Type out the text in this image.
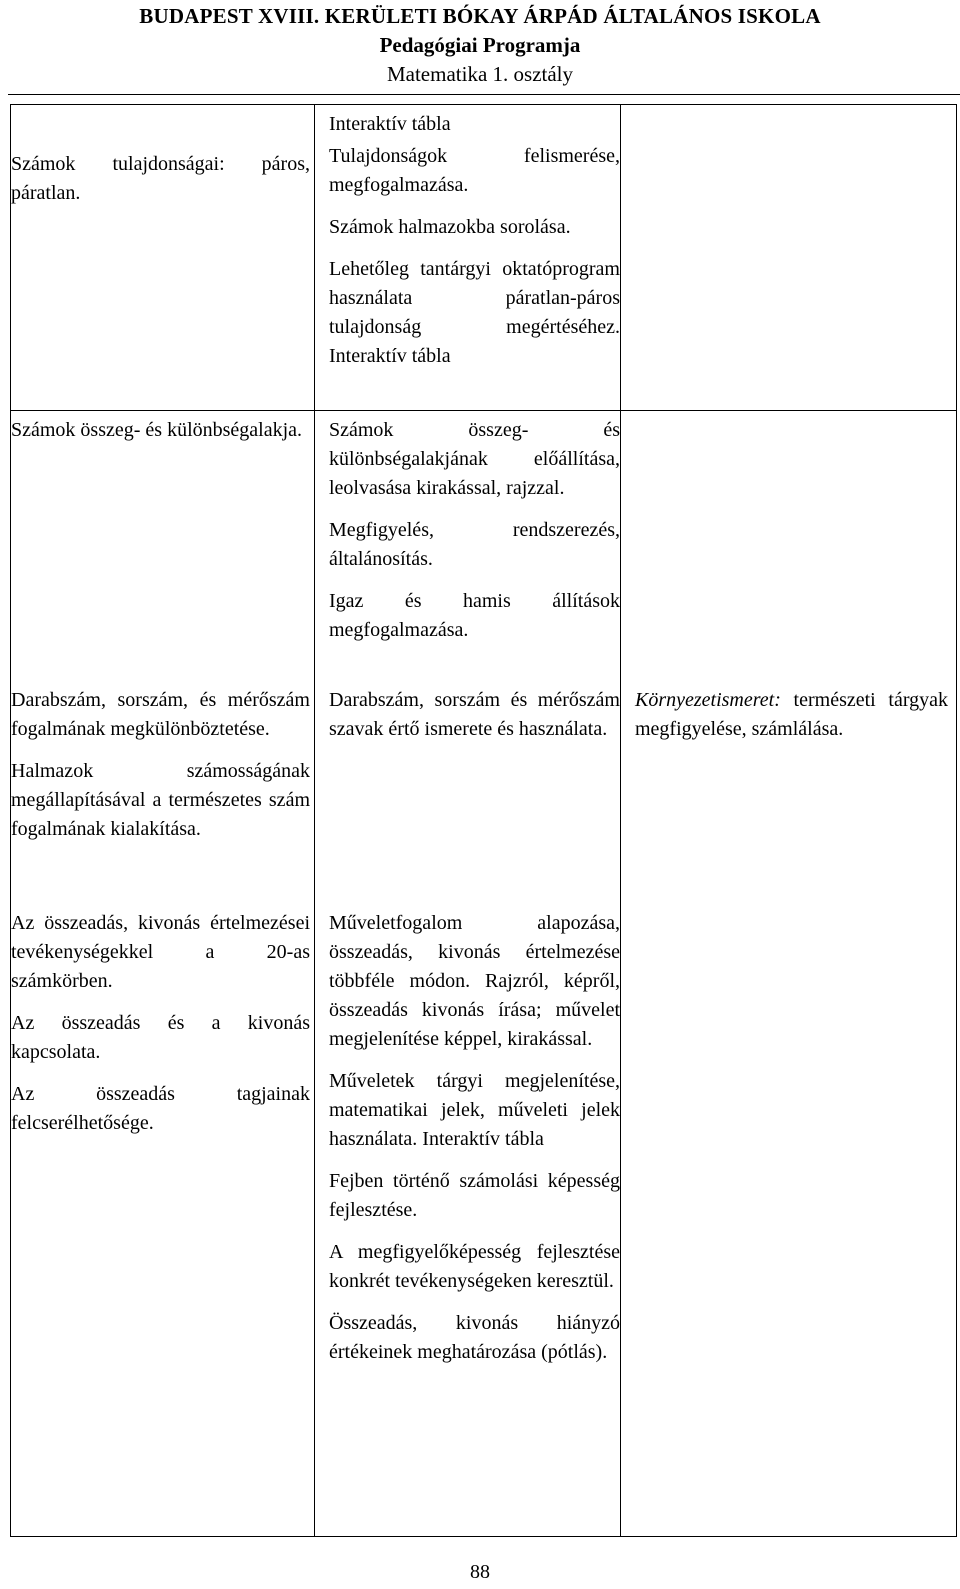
BUDAPEST XVIII. KERÜLETI BÓKAY ÁRPÁD ÁLTALÁNOS ISKOLA
Pedagógiai Programja
Matematika 1. osztály
Interaktív tábla
Tulajdonságok felismerése, megfogalmazása.
Számok halmazokba sorolása.
Lehetőleg tantárgyi oktatóprogram használata páratlan-páros tulajdonság megértéséhez. Interaktív tábla
Számok tulajdonságai: páros, páratlan.
Számok összeg- és különbségalakja.	Számok összeg- és különbségalakjának előállítása, leolvasása kirakással, rajzzal.
Megfigyelés, rendszerezés, általánosítás.
Igaz és hamis állítások megfogalmazása.
Darabszám, sorszám, és mérőszám fogalmának megkülönböztetése.
Halmazok számosságának megállapításával a természetes szám fogalmának kialakítása.
Darabszám, sorszám és mérőszám szavak értő ismerete és használata.
Környezetismeret: természeti tárgyak megfigyelése, számlálása.
Az összeadás, kivonás értelmezései tevékenységekkel a 20-as számkörben.
Az összeadás és a kivonás kapcsolata.
Az összeadás tagjainak felcserélhetősége.
Műveletfogalom alapozása, összeadás, kivonás értelmezése többféle módon. Rajzról, képről, összeadás kivonás írása; művelet megjelenítése képpel, kirakással.
Műveletek tárgyi megjelenítése, matematikai jelek, műveleti jelek használata. Interaktív tábla
Fejben történő számolási képesség fejlesztése.
A megfigyelőképesség fejlesztése konkrét tevékenységeken keresztül.
Összeadás, kivonás hiányzó értékeinek meghatározása (pótlás).
88
